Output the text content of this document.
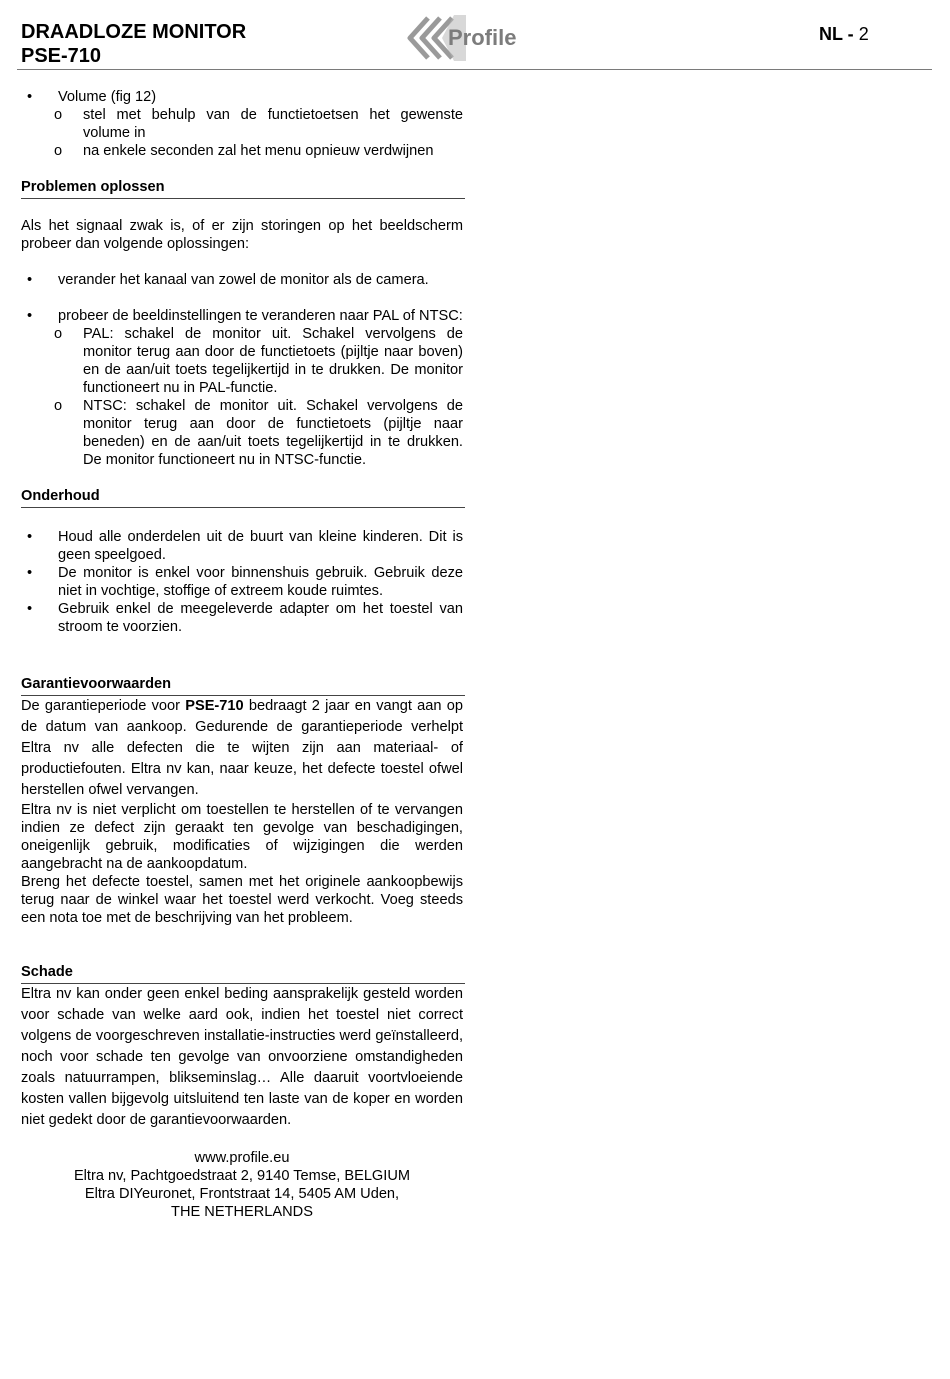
DRAADLOZE MONITOR
PSE-710
Profile	NL - 2
• Volume (fig 12)
o stel met behulp van de functietoetsen het gewenste volume in
o na enkele seconden zal het menu opnieuw verdwijnen
Problemen oplossen
Als het signaal zwak is, of er zijn storingen op het beeldscherm probeer dan volgende oplossingen:
• verander het kanaal van zowel de monitor als de camera.
• probeer de beeldinstellingen te veranderen naar PAL of NTSC:
o PAL: schakel de monitor uit. Schakel vervolgens de monitor terug aan door de functietoets (pijltje naar boven) en de aan/uit toets tegelijkertijd in te drukken. De monitor functioneert nu in PAL-functie.
o NTSC: schakel de monitor uit. Schakel vervolgens de monitor terug aan door de functietoets (pijltje naar beneden) en de aan/uit toets tegelijkertijd in te drukken. De monitor functioneert nu in NTSC-functie.
Onderhoud
• Houd alle onderdelen uit de buurt van kleine kinderen. Dit is geen speelgoed.
• De monitor is enkel voor binnenshuis gebruik. Gebruik deze niet in vochtige, stoffige of extreem koude ruimtes.
• Gebruik enkel de meegeleverde adapter om het toestel van stroom te voorzien.
Garantievoorwaarden
De garantieperiode voor PSE-710 bedraagt 2 jaar en vangt aan op de datum van aankoop. Gedurende de garantieperiode verhelpt Eltra nv alle defecten die te wijten zijn aan materiaal- of productiefouten. Eltra nv kan, naar keuze, het defecte toestel ofwel herstellen ofwel vervangen.
Eltra nv is niet verplicht om toestellen te herstellen of te vervangen indien ze defect zijn geraakt ten gevolge van beschadigingen, oneigenlijk gebruik, modificaties of wijzigingen die werden aangebracht na de aankoopdatum.
Breng het defecte toestel, samen met het originele aankoopbewijs terug naar de winkel waar het toestel werd verkocht. Voeg steeds een nota toe met de beschrijving van het probleem.
Schade
Eltra nv kan onder geen enkel beding aansprakelijk gesteld worden voor schade van welke aard ook, indien het toestel niet correct volgens de voorgeschreven installatie-instructies werd geïnstalleerd, noch voor schade ten gevolge van onvoorziene omstandigheden zoals natuurrampen, blikseminslag… Alle daaruit voortvloeiende kosten vallen bijgevolg uitsluitend ten laste van de koper en worden niet gedekt door de garantievoorwaarden.
www.profile.eu
Eltra nv, Pachtgoedstraat 2, 9140 Temse, BELGIUM
Eltra DIYeuronet, Frontstraat 14, 5405 AM Uden,
THE NETHERLANDS
